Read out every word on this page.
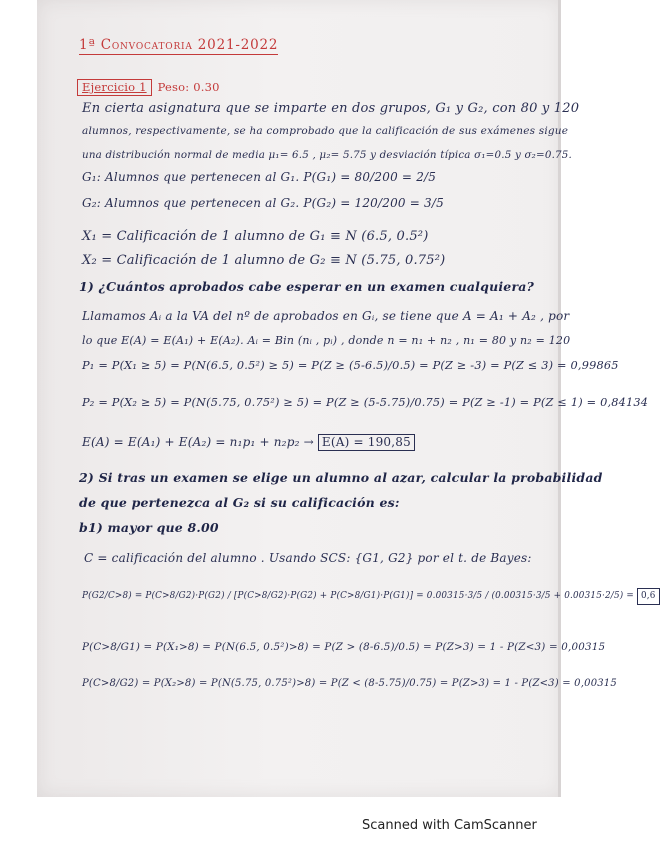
1ª Convocatoria 2021-2022
Ejercicio 1 Peso: 0.30
En cierta asignatura que se imparte en dos grupos, G₁ y G₂, con 80 y 120
alumnos, respectivamente, se ha comprobado que la calificación de sus exámenes sigue
una distribución normal de media μ₁= 6.5 , μ₂= 5.75 y desviación típica σ₁=0.5 y σ₂=0.75.
G₁: Alumnos que pertenecen al G₁. P(G₁) = 80/200 = 2/5
G₂: Alumnos que pertenecen al G₂. P(G₂) = 120/200 = 3/5
X₁ = Calificación de 1 alumno de G₁ ≡ N (6.5, 0.5²)
X₂ = Calificación de 1 alumno de G₂ ≡ N (5.75, 0.75²)
1) ¿Cuántos aprobados cabe esperar en un examen cualquiera?
Llamamos Aᵢ a la VA del nº de aprobados en Gᵢ, se tiene que A = A₁ + A₂ , por
lo que E(A) = E(A₁) + E(A₂). Aᵢ = Bin (nᵢ , pᵢ) , donde n = n₁ + n₂ , n₁ = 80 y n₂ = 120
P₁ = P(X₁ ≥ 5) = P(N(6.5, 0.5²) ≥ 5) = P(Z ≥ (5-6.5)/0.5) = P(Z ≥ -3) = P(Z ≤ 3) = 0,99865
P₂ = P(X₂ ≥ 5) = P(N(5.75, 0.75²) ≥ 5) = P(Z ≥ (5-5.75)/0.75) = P(Z ≥ -1) = P(Z ≤ 1) = 0,84134
E(A) = E(A₁) + E(A₂) = n₁p₁ + n₂p₂ → E(A) = 190,85
2) Si tras un examen se elige un alumno al azar, calcular la probabilidad
de que pertenezca al G₂ si su calificación es:
b1) mayor que 8.00
C = calificación del alumno . Usando SCS: {G1, G2} por el t. de Bayes:
P(G2/C>8) = P(C>8/G2)·P(G2) / [P(C>8/G2)·P(G2) + P(C>8/G1)·P(G1)] = 0.00315·3/5 / (0.00315·3/5 + 0.00315·2/5) = 0,6
P(C>8/G1) = P(X₁>8) = P(N(6.5, 0.5²)>8) = P(Z > (8-6.5)/0.5) = P(Z>3) = 1 - P(Z<3) = 0,00315
P(C>8/G2) = P(X₂>8) = P(N(5.75, 0.75²)>8) = P(Z < (8-5.75)/0.75) = P(Z>3) = 1 - P(Z<3) = 0,00315
Scanned with CamScanner
